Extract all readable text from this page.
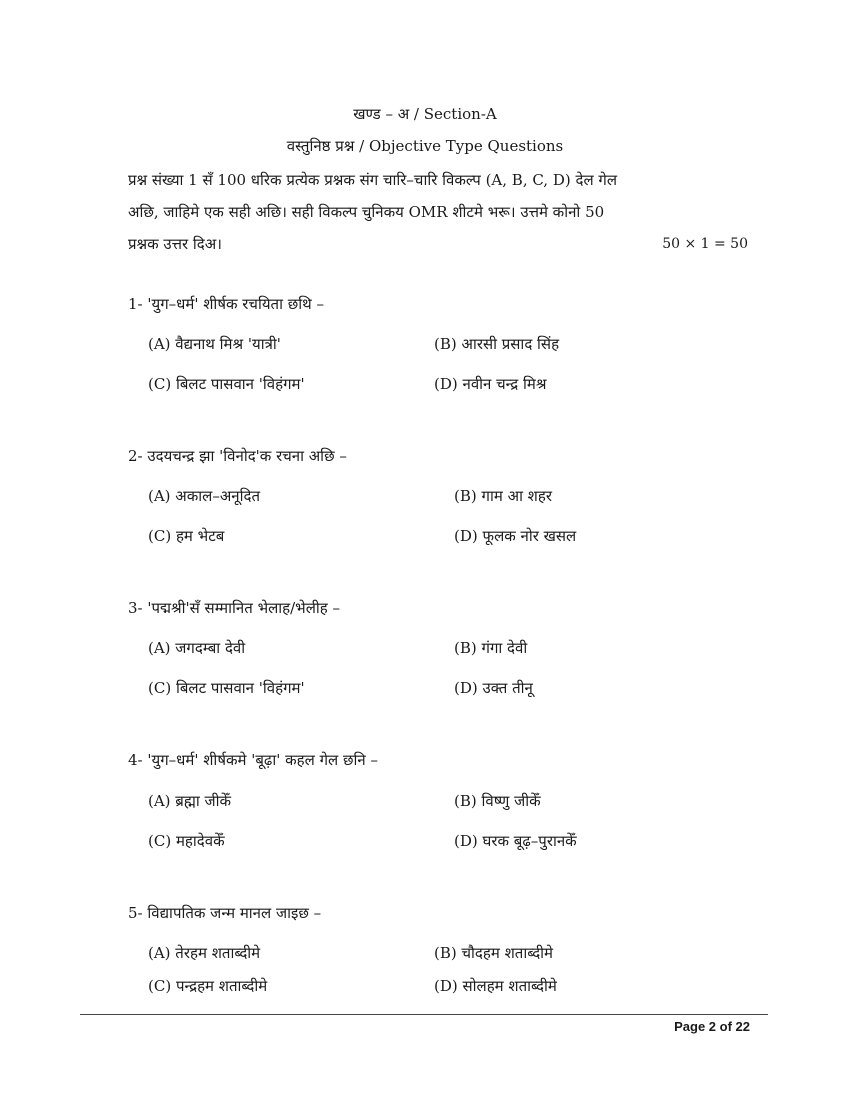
खण्ड – अ / Section-A
वस्तुनिष्ठ प्रश्न / Objective Type Questions
प्रश्न संख्या 1 सँ 100 धरिक प्रत्येक प्रश्नक संग चारि–चारि विकल्प (A, B, C, D) देल गेल
अछि, जाहिमे एक सही अछि। सही विकल्प चुनिकय OMR शीटमे भरू। उत्तमे कोनो 50
प्रश्नक उत्तर दिअ।	50 × 1 = 50
1- 'युग–धर्म' शीर्षक रचयिता छथि –
(A) वैद्यनाथ मिश्र 'यात्री'	(B) आरसी प्रसाद सिंह
(C) बिलट पासवान 'विहंगम'	(D) नवीन चन्द्र मिश्र
2- उदयचन्द्र झा 'विनोद'क रचना अछि –
(A) अकाल–अनूदित	(B) गाम आ शहर
(C) हम भेटब	(D) फूलक नोर खसल
3- 'पद्मश्री'सँ सम्मानित भेलाह/भेलीह –
(A) जगदम्बा देवी	(B) गंगा देवी
(C) बिलट पासवान 'विहंगम'	(D) उक्त तीनू
4- 'युग–धर्म' शीर्षकमे 'बूढ़ा' कहल गेल छनि –
(A) ब्रह्मा जीकेँ	(B) विष्णु जीकेँ
(C) महादेवकेँ	(D) घरक बूढ़–पुरानकेँ
5- विद्यापतिक जन्म मानल जाइछ –
(A) तेरहम शताब्दीमे	(B) चौदहम शताब्दीमे
(C) पन्द्रहम शताब्दीमे	(D) सोलहम शताब्दीमे
Page 2 of 22
